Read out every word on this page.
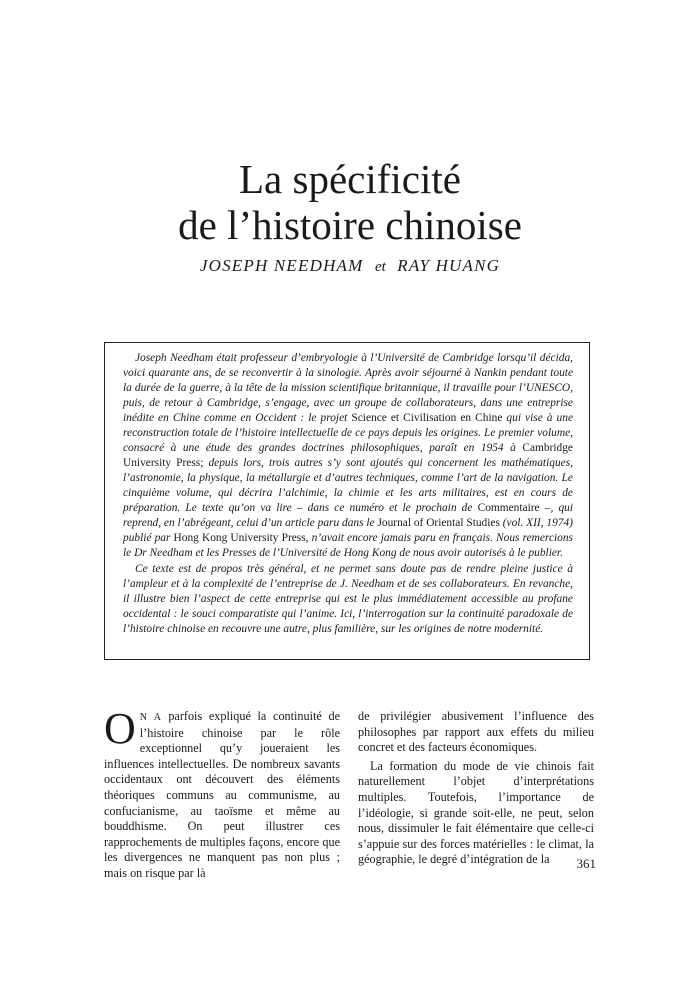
La spécificité
de l’histoire chinoise
JOSEPH NEEDHAM et RAY HUANG

Joseph Needham était professeur d’embryologie à l’Université de Cambridge lorsqu’il décida, voici quarante ans, de se reconvertir à la sinologie. Après avoir séjourné à Nankin pendant toute la durée de la guerre, à la tête de la mission scientifique britannique, il travaille pour l’UNESCO, puis, de retour à Cambridge, s’engage, avec un groupe de collaborateurs, dans une entreprise inédite en Chine comme en Occident : le projet Science et Civilisation en Chine qui vise à une reconstruction totale de l’histoire intellectuelle de ce pays depuis les origines. Le premier volume, consacré à une étude des grandes doctrines philosophiques, paraît en 1954 à Cambridge University Press; depuis lors, trois autres s’y sont ajoutés qui concernent les mathématiques, l’astronomie, la physique, la métallurgie et d’autres techniques, comme l’art de la navigation. Le cinquième volume, qui décrira l’alchimie, la chimie et les arts militaires, est en cours de préparation. Le texte qu’on va lire – dans ce numéro et le prochain de Commentaire –, qui reprend, en l’abrégeant, celui d’un article paru dans le Journal of Oriental Studies (vol. XII, 1974) publié par Hong Kong University Press, n’avait encore jamais paru en français. Nous remercions le Dr Needham et les Presses de l’Université de Hong Kong de nous avoir autorisés à le publier.

Ce texte est de propos très général, et ne permet sans doute pas de rendre pleine justice à l’ampleur et à la complexité de l’entreprise de J. Needham et de ses collaborateurs. En revanche, il illustre bien l’aspect de cette entreprise qui est le plus immédiatement accessible au profane occidental : le souci comparatiste qui l’anime. Ici, l’interrogation sur la continuité paradoxale de l’histoire chinoise en recouvre une autre, plus familière, sur les origines de notre modernité.

O N A parfois expliqué la continuité de l’histoire chinoise par le rôle exceptionnel qu’y joueraient les influences intellectuelles. De nombreux savants occidentaux ont découvert des éléments théoriques communs au communisme, au confucianisme, au taoïsme et même au bouddhisme. On peut illustrer ces rapprochements de multiples façons, encore que les divergences ne manquent pas non plus ; mais on risque par là

de privilégier abusivement l’influence des philosophes par rapport aux effets du milieu concret et des facteurs économiques.

La formation du mode de vie chinois fait naturellement l’objet d’interprétations multiples. Toutefois, l’importance de l’idéologie, si grande soit-elle, ne peut, selon nous, dissimuler le fait élémentaire que celle-ci s’appuie sur des forces matérielles : le climat, la géographie, le degré d’intégration de la	361
